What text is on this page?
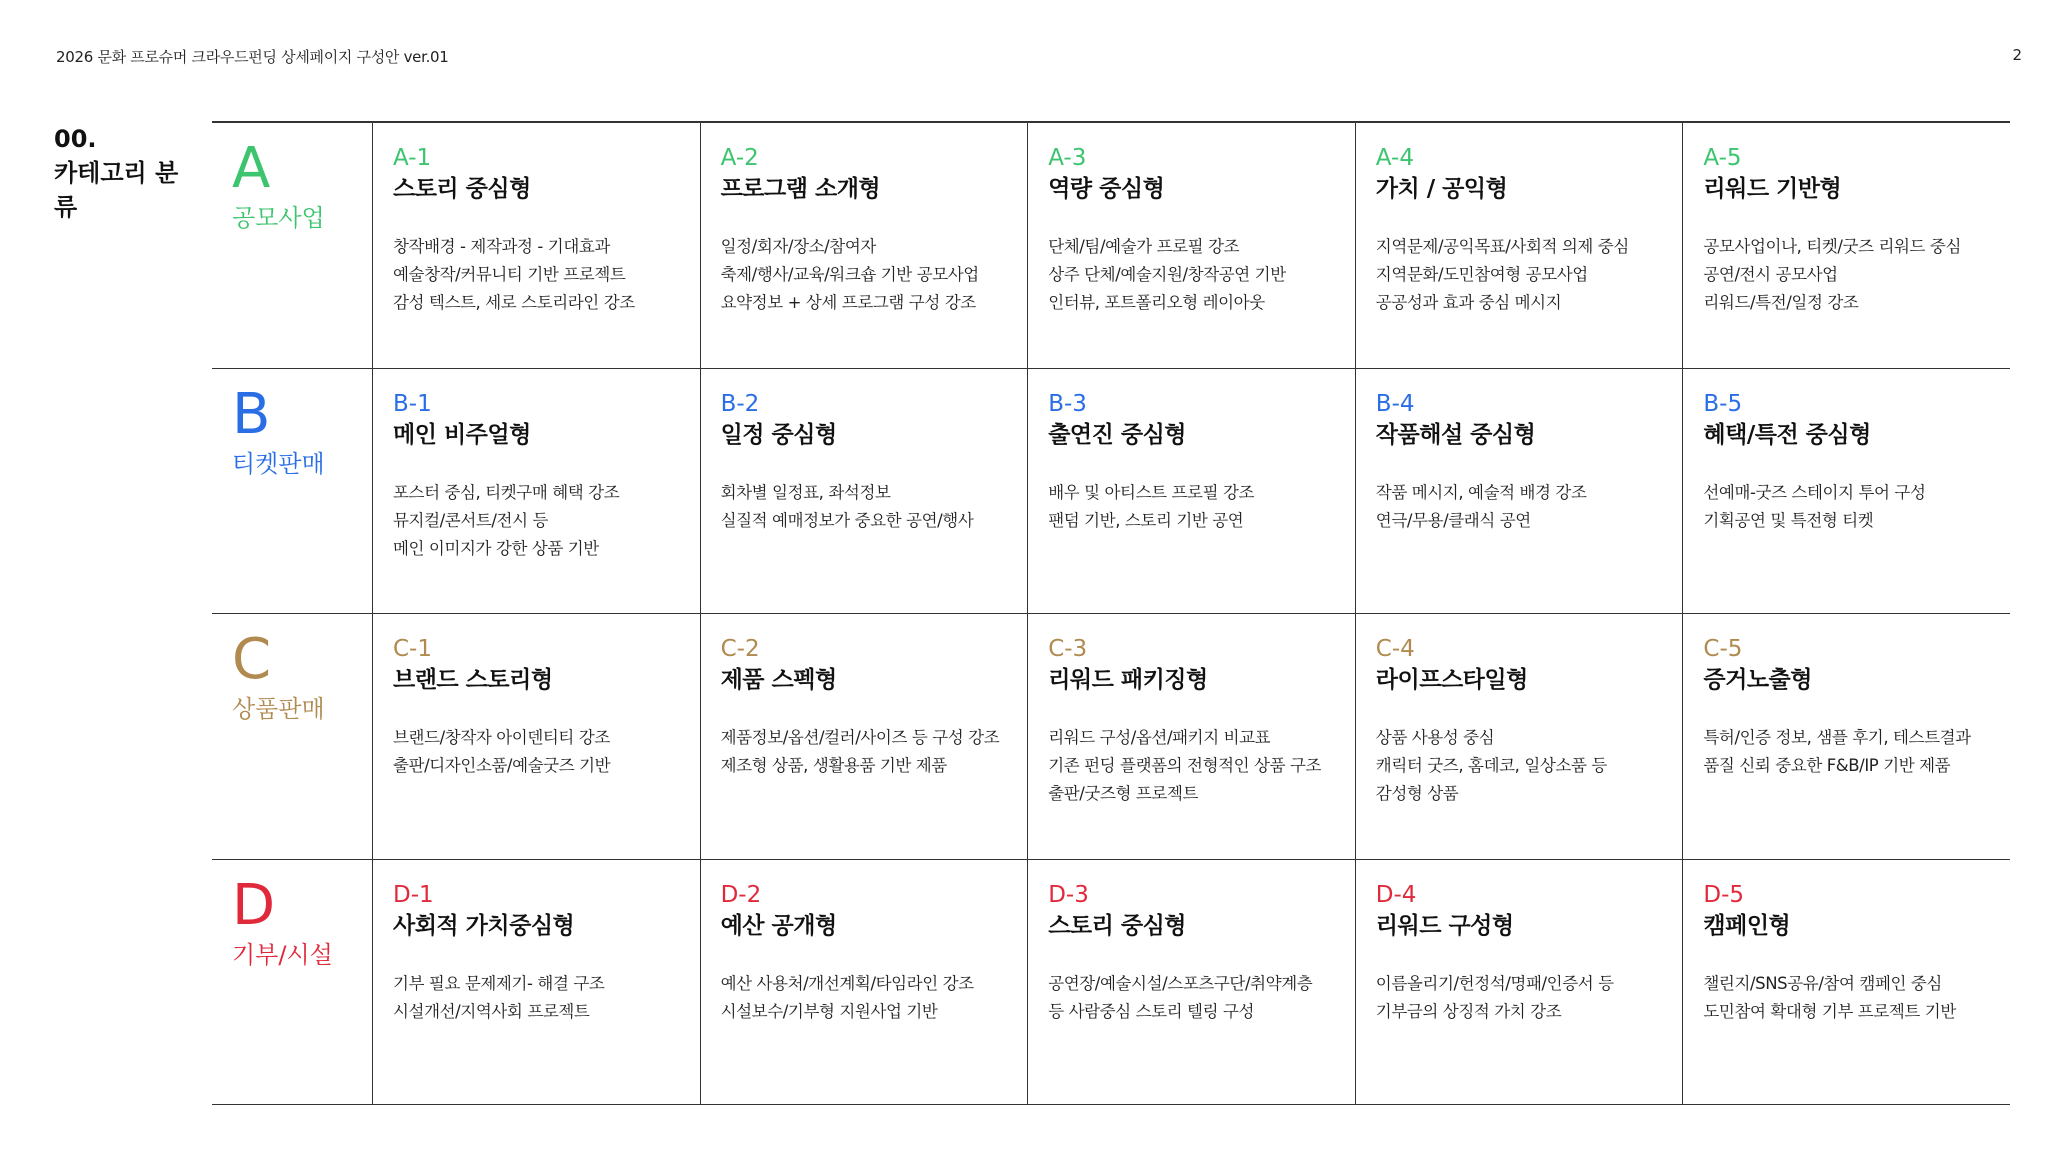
2026 문화 프로슈머 크라우드펀딩 상세페이지 구성안 ver.01	2
00.
카테고리 분류
A
공모사업
A-1
스토리 중심형
창작배경 - 제작과정 - 기대효과
예술창작/커뮤니티 기반 프로젝트
감성 텍스트, 세로 스토리라인 강조
A-2
프로그램 소개형
일정/회자/장소/참여자
축제/행사/교육/워크숍 기반 공모사업
요약정보 + 상세 프로그램 구성 강조
A-3
역량 중심형
단체/팀/예술가 프로필 강조
상주 단체/예술지원/창작공연 기반
인터뷰, 포트폴리오형 레이아웃
A-4
가치 / 공익형
지역문제/공익목표/사회적 의제 중심
지역문화/도민참여형 공모사업
공공성과 효과 중심 메시지
A-5
리워드 기반형
공모사업이나, 티켓/굿즈 리워드 중심
공연/전시 공모사업
리워드/특전/일정 강조
B
티켓판매
B-1
메인 비주얼형
포스터 중심, 티켓구매 혜택 강조
뮤지컬/콘서트/전시 등
메인 이미지가 강한 상품 기반
B-2
일정 중심형
회차별 일정표, 좌석정보
실질적 예매정보가 중요한 공연/행사
B-3
출연진 중심형
배우 및 아티스트 프로필 강조
팬덤 기반, 스토리 기반 공연
B-4
작품해설 중심형
작품 메시지, 예술적 배경 강조
연극/무용/클래식 공연
B-5
혜택/특전 중심형
선예매-굿즈 스테이지 투어 구성
기획공연 및 특전형 티켓
C
상품판매
C-1
브랜드 스토리형
브랜드/창작자 아이덴티티 강조
출판/디자인소품/예술굿즈 기반
C-2
제품 스펙형
제품정보/옵션/컬러/사이즈 등 구성 강조
제조형 상품, 생활용품 기반 제품
C-3
리워드 패키징형
리워드 구성/옵션/패키지 비교표
기존 펀딩 플랫폼의 전형적인 상품 구조
출판/굿즈형 프로젝트
C-4
라이프스타일형
상품 사용성 중심
캐릭터 굿즈, 홈데코, 일상소품 등
감성형 상품
C-5
증거노출형
특허/인증 정보, 샘플 후기, 테스트결과
품질 신뢰 중요한 F&B/IP 기반 제품
D
기부/시설
D-1
사회적 가치중심형
기부 필요 문제제기- 해결 구조
시설개선/지역사회 프로젝트
D-2
예산 공개형
예산 사용처/개선계획/타임라인 강조
시설보수/기부형 지원사업 기반
D-3
스토리 중심형
공연장/예술시설/스포츠구단/취약계층
등 사람중심 스토리 텔링 구성
D-4
리워드 구성형
이름올리기/헌정석/명패/인증서 등
기부금의 상징적 가치 강조
D-5
캠페인형
챌린지/SNS공유/참여 캠페인 중심
도민참여 확대형 기부 프로젝트 기반
